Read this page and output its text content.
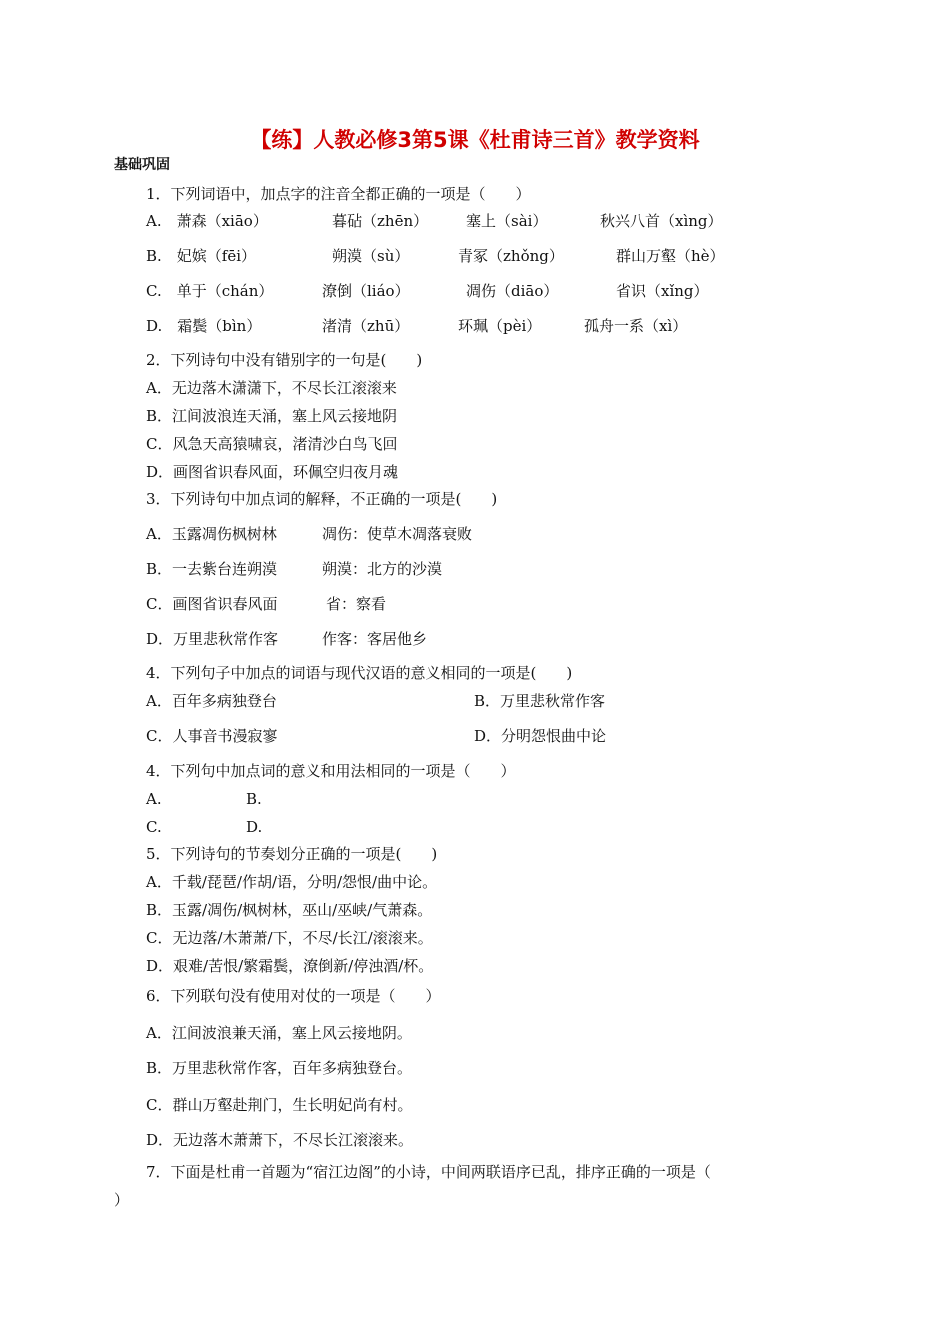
【练】人教必修3第5课《杜甫诗三首》教学资料
基础巩固
1．下列词语中，加点字的注音全都正确的一项是（　　）
A.　萧森（xiāo）	暮砧（zhēn）	塞上（sài）	秋兴八首（xìng）
B.　妃嫔（fēi）	朔漠（sù）	青冢（zhǒng）	群山万壑（hè）
C.　单于（chán）	潦倒（liáo）	凋伤（diāo）	省识（xǐng）
D.　霜鬓（bìn）	渚清（zhū）	环珮（pèi）	孤舟一系（xì）
2．下列诗句中没有错别字的一句是(　　)
A．无边落木潇潇下，不尽长江滚滚来
B．江间波浪连天涌，塞上风云接地阴
C．风急天高猿啸哀，渚清沙白鸟飞回
D．画图省识春风面，环佩空归夜月魂
3．下列诗句中加点词的解释，不正确的一项是(　　)
A．玉露凋伤枫树林	凋伤：使草木凋落衰败
B．一去紫台连朔漠	朔漠：北方的沙漠
C．画图省识春风面	省：察看
D．万里悲秋常作客	作客：客居他乡
4．下列句子中加点的词语与现代汉语的意义相同的一项是(　　)
A．百年多病独登台	B．万里悲秋常作客
C．人事音书漫寂寥	D．分明怨恨曲中论
4．下列句中加点词的意义和用法相同的一项是（　　）
A.	B.
C.	D.
5．下列诗句的节奏划分正确的一项是(　　)
A．千载/琵琶/作胡/语，分明/怨恨/曲中论。
B．玉露/凋伤/枫树林，巫山/巫峡/气萧森。
C．无边落/木萧萧/下，不尽/长江/滚滚来。
D．艰难/苦恨/繁霜鬓，潦倒新/停浊酒/杯。
6．下列联句没有使用对仗的一项是（　　）
A．江间波浪兼天涌，塞上风云接地阴。
B．万里悲秋常作客，百年多病独登台。
C．群山万壑赴荆门，生长明妃尚有村。
D．无边落木萧萧下，不尽长江滚滚来。
7．下面是杜甫一首题为“宿江边阁”的小诗，中间两联语序已乱，排序正确的一项是（
）
